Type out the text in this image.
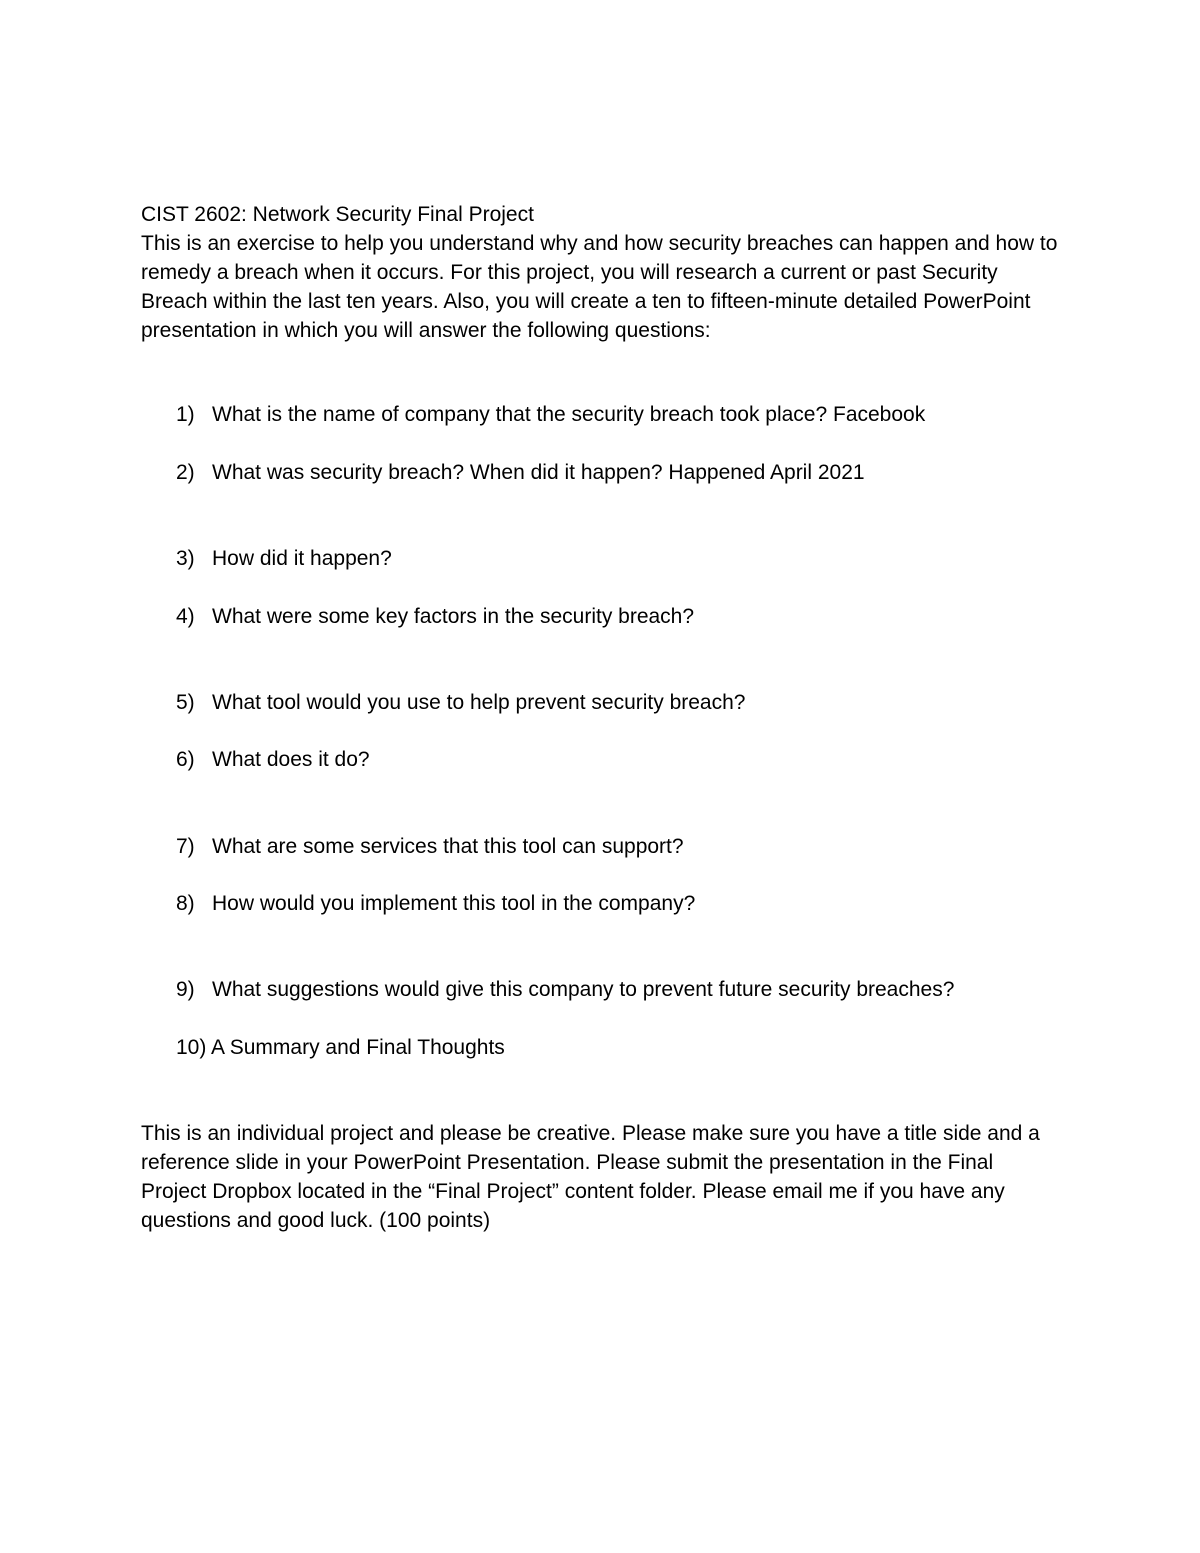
CIST 2602: Network Security Final Project
This is an exercise to help you understand why and how security breaches can happen and how to remedy a breach when it occurs. For this project, you will research a current or past Security Breach within the last ten years. Also, you will create a ten to fifteen-minute detailed PowerPoint presentation in which you will answer the following questions:
1) What is the name of company that the security breach took place? Facebook
2) What was security breach? When did it happen? Happened April 2021
3) How did it happen?
4) What were some key factors in the security breach?
5) What tool would you use to help prevent security breach?
6) What does it do?
7) What are some services that this tool can support?
8) How would you implement this tool in the company?
9) What suggestions would give this company to prevent future security breaches?
10) A Summary and Final Thoughts
This is an individual project and please be creative. Please make sure you have a title side and a reference slide in your PowerPoint Presentation. Please submit the presentation in the Final Project Dropbox located in the “Final Project” content folder. Please email me if you have any questions and good luck. (100 points)
